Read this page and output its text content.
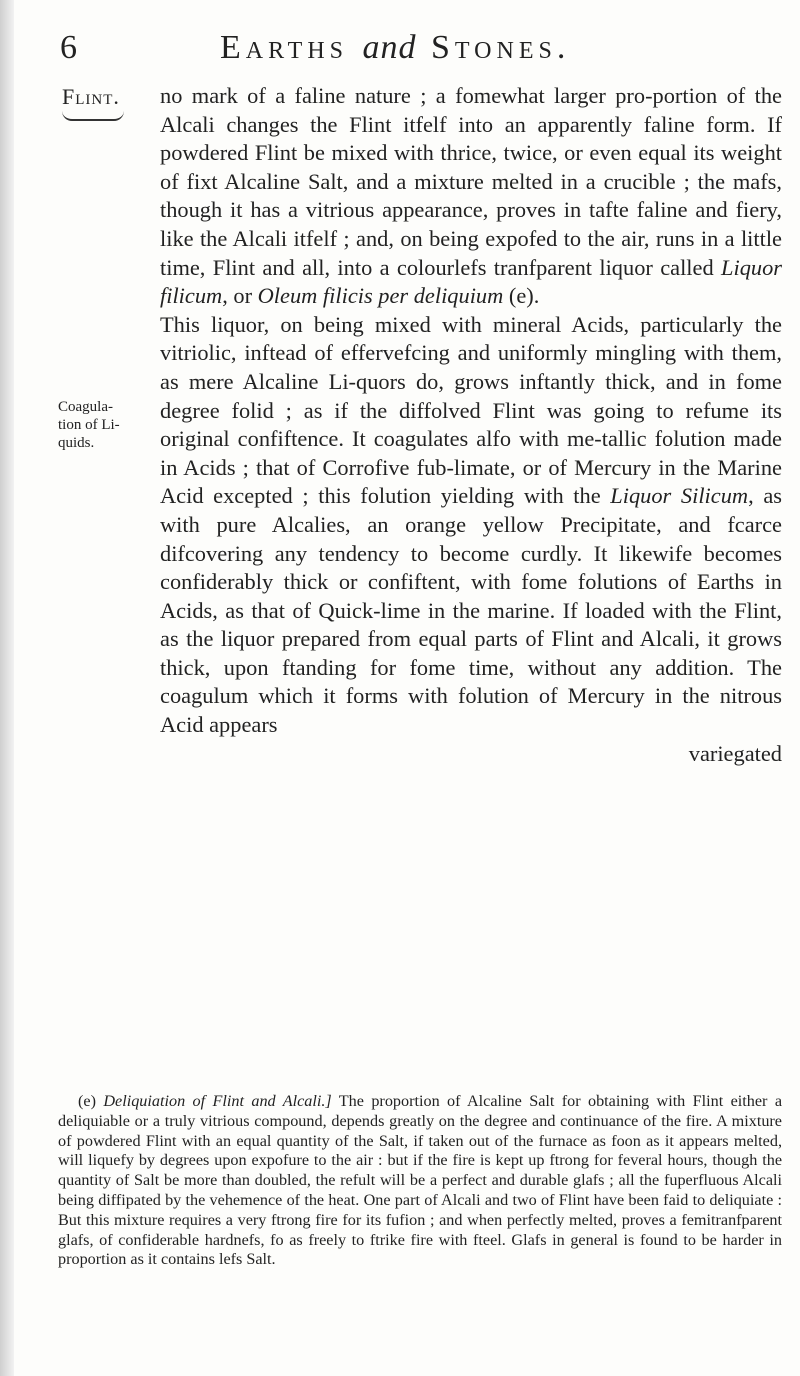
6	Earths and Stones.
Flint.
Coagula-tion of Li-quids.

no mark of a faline nature ; a fomewhat larger pro-portion of the Alcali changes the Flint itfelf into an apparently faline form. If powdered Flint be mixed with thrice, twice, or even equal its weight of fixt Alcaline Salt, and a mixture melted in a crucible ; the mafs, though it has a vitrious appearance, proves in tafte faline and fiery, like the Alcali itfelf ; and, on being expofed to the air, runs in a little time, Flint and all, into a colourlefs tranfparent liquor called Liquor filicum, or Oleum filicis per deliquium (e).

This liquor, on being mixed with mineral Acids, particularly the vitriolic, inftead of effervefcing and uniformly mingling with them, as mere Alcaline Li-quors do, grows inftantly thick, and in fome degree folid ; as if the diffolved Flint was going to refume its original confiftence. It coagulates alfo with me-tallic folution made in Acids ; that of Corrofive fub-limate, or of Mercury in the Marine Acid excepted ; this folution yielding with the Liquor Silicum, as with pure Alcalies, an orange yellow Precipitate, and fcarce difcovering any tendency to become curdly. It likewife becomes confiderably thick or confiftent, with fome folutions of Earths in Acids, as that of Quick-lime in the marine. If loaded with the Flint, as the liquor prepared from equal parts of Flint and Alcali, it grows thick, upon ftanding for fome time, without any addition. The coagulum which it forms with folution of Mercury in the nitrous Acid appears

variegated

(e) Deliquiation of Flint and Alcali.] The proportion of Alcaline Salt for obtaining with Flint either a deliquiable or a truly vitrious compound, depends greatly on the degree and continuance of the fire. A mixture of powdered Flint with an equal quantity of the Salt, if taken out of the furnace as foon as it appears melted, will liquefy by degrees upon expofure to the air : but if the fire is kept up ftrong for feveral hours, though the quantity of Salt be more than doubled, the refult will be a perfect and durable glafs ; all the fuperfluous Alcali being diffipated by the vehemence of the heat. One part of Alcali and two of Flint have been faid to deliquiate : But this mixture requires a very ftrong fire for its fufion ; and when perfectly melted, proves a femitranfparent glafs, of confiderable hardnefs, fo as freely to ftrike fire with fteel. Glafs in general is found to be harder in proportion as it contains lefs Salt.
